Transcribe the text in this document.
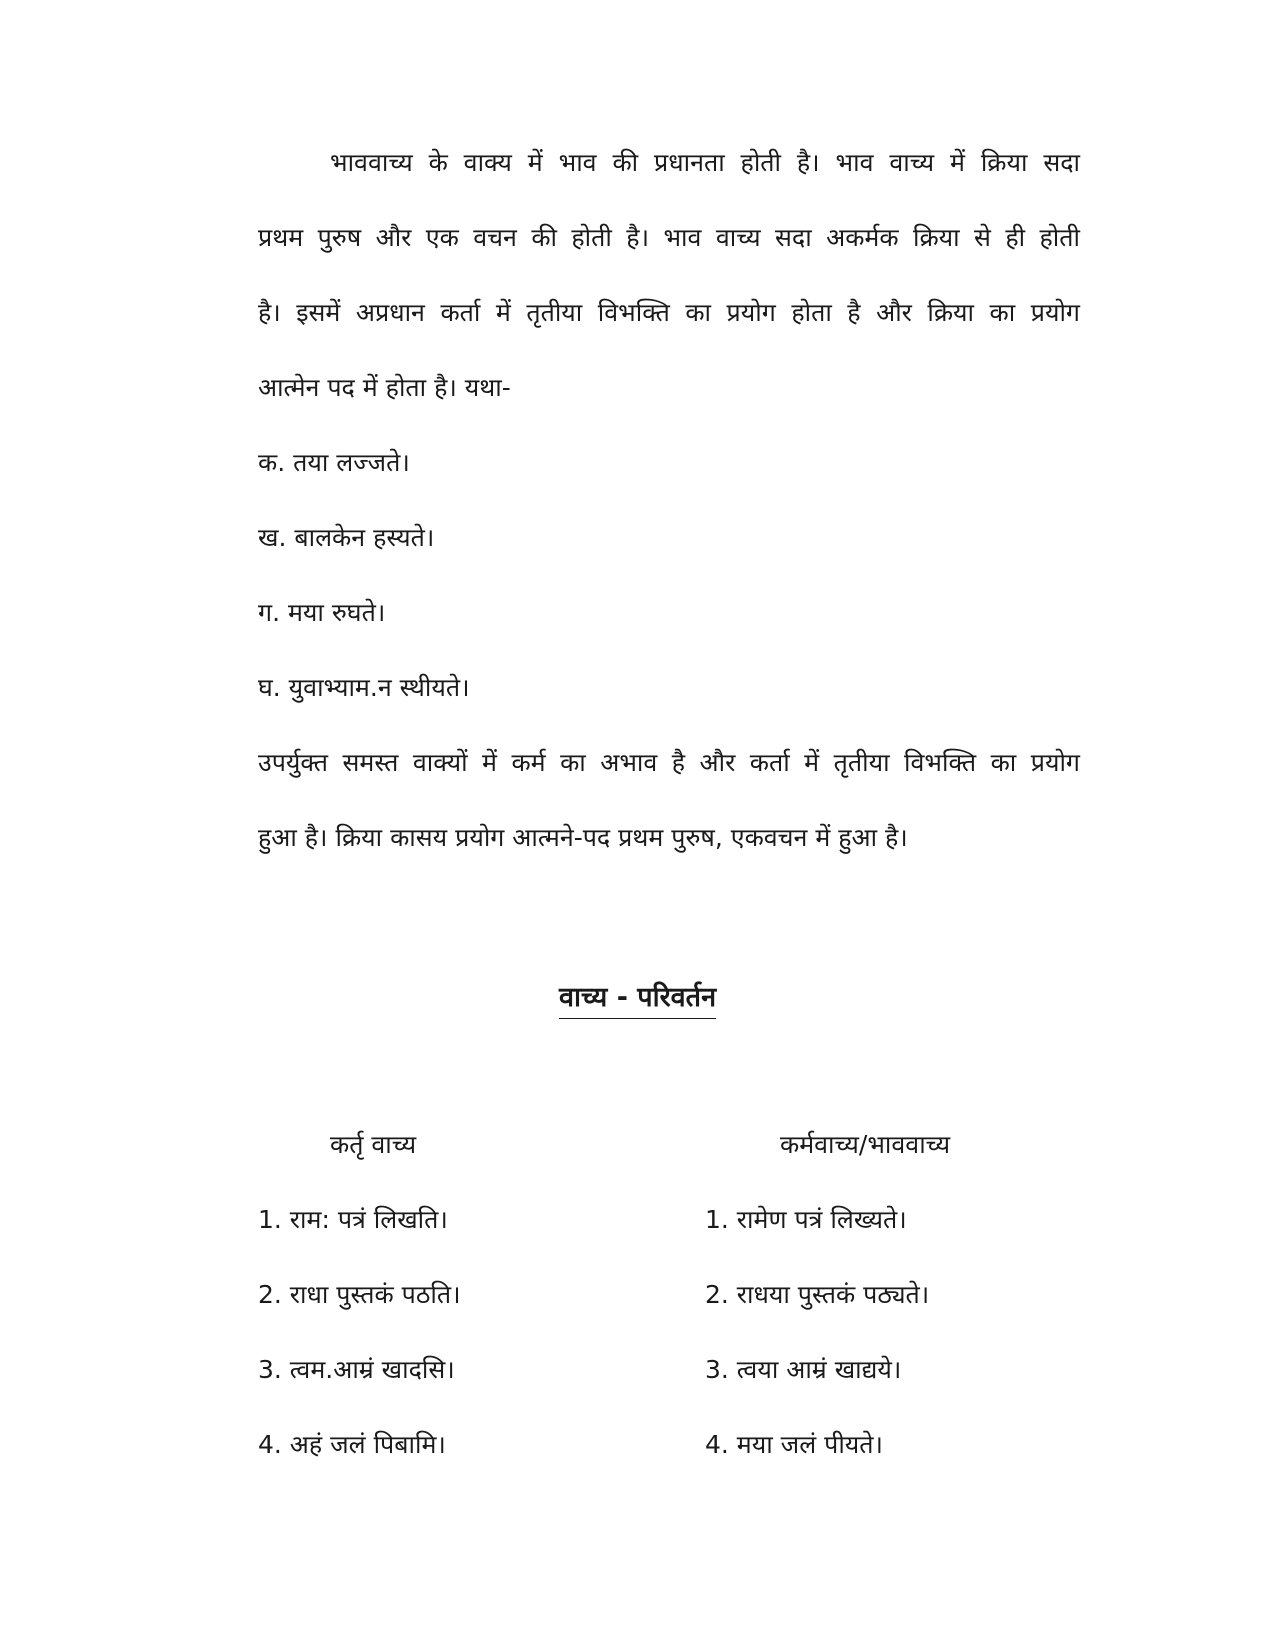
भाववाच्य के वाक्य में भाव की प्रधानता होती है। भाव वाच्य में क्रिया सदा
प्रथम पुरुष और एक वचन की होती है। भाव वाच्य सदा अकर्मक क्रिया से ही होती
है। इसमें अप्रधान कर्ता में तृतीया विभक्ति का प्रयोग होता है और क्रिया का प्रयोग
आत्मेन पद में होता है। यथा-
क. तया लज्जते।
ख. बालकेन हस्यते।
ग. मया रुघते।
घ. युवाभ्याम.न स्थीयते।
उपर्युक्त समस्त वाक्यों में कर्म का अभाव है और कर्ता में तृतीया विभक्ति का प्रयोग
हुआ है। क्रिया कासय प्रयोग आत्मने-पद प्रथम पुरुष, एकवचन में हुआ है।
वाच्य - परिवर्तन
कर्तृ वाच्य	कर्मवाच्य/भाववाच्य
1. राम: पत्रं लिखति।	1. रामेण पत्रं लिख्यते।
2. राधा पुस्तकं पठति।	2. राधया पुस्तकं पठ्यते।
3. त्वम.आम्रं खादसि।	3. त्वया आम्रं खाद्यये।
4. अहं जलं पिबामि।	4. मया जलं पीयते।
